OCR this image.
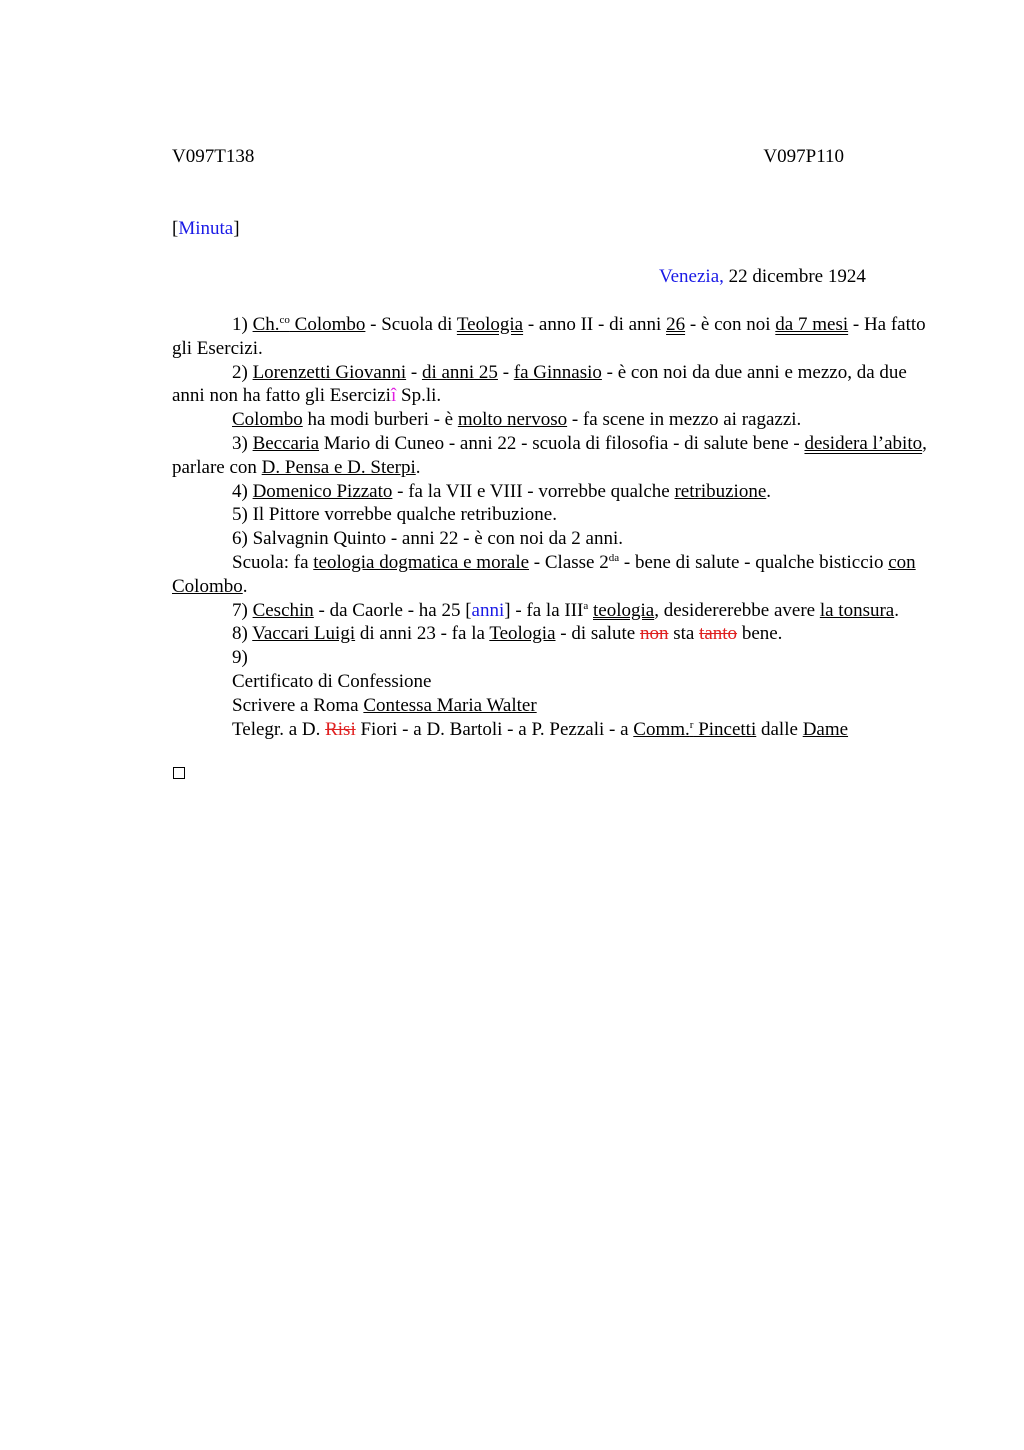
V097T138	V097P110
[Minuta]
Venezia, 22 dicembre 1924

1) Ch.$^{co}$ Colombo - Scuola di Teologia - anno II - di anni 26 - è con noi da 7 mesi - Ha fatto gli Esercizi.

2) Lorenzetti Giovanni - di anni 25 - fa Ginnasio - è con noi da due anni e mezzo, da due anni non ha fatto gli Eserciziî Sp.li.

Colombo ha modi burberi - è molto nervoso - fa scene in mezzo ai ragazzi.

3) Beccaria Mario di Cuneo - anni 22 - scuola di filosofia - di salute bene - desidera l’abito, parlare con D. Pensa e D. Sterpi.

4) Domenico Pizzato - fa la VII e VIII - vorrebbe qualche retribuzione.

5) Il Pittore vorrebbe qualche retribuzione.

6) Salvagnin Quinto - anni 22 - è con noi da 2 anni.

Scuola: fa teologia dogmatica e morale - Classe $2^{da}$ - bene di salute - qualche bisticcio con Colombo.

7) Ceschin - da Caorle - ha 25 [anni] - fa la III$^a$ teologia, desidererebbe avere la tonsura.

8) Vaccari Luigi di anni 23 - fa la Teologia - di salute non sta tanto bene.

9)

Certificato di Confessione

Scrivere a Roma Contessa Maria Walter

Telegr. a D. Risi Fiori - a D. Bartoli - a P. Pezzali - a Comm.$^r$ Pincetti dalle Dame
